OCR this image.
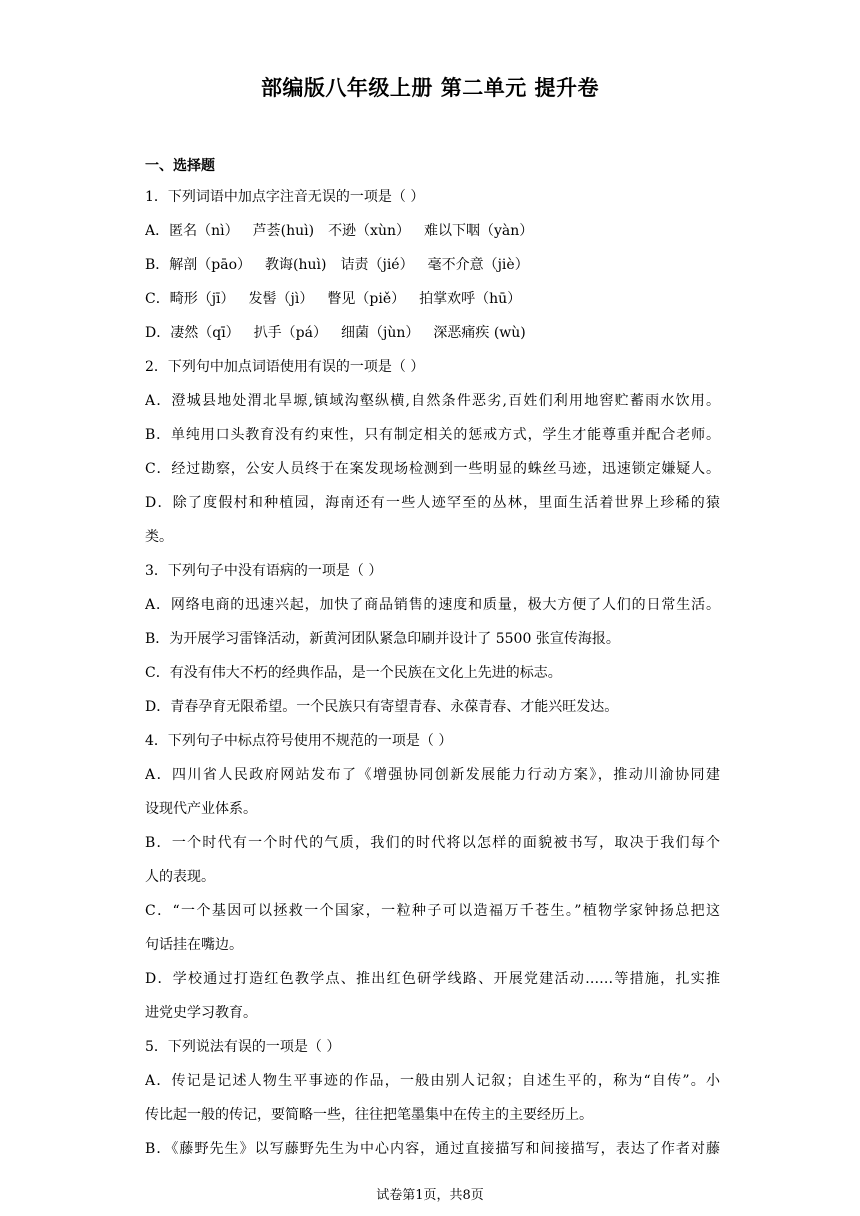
部编版八年级上册 第二单元 提升卷
一、选择题
1．下列词语中加点字注音无误的一项是（ ）
A． 匿名（nì） 芦荟(huì) 不逊（xùn） 难以下咽（yàn）
B． 解剖（pāo） 教诲(huì) 诘责（jié） 毫不介意（jiè）
C． 畸形（jī） 发髻（jì） 瞥见（piě） 拍掌欢呼（hū）
D． 凄然（qī） 扒手（pá） 细菌（jùn） 深恶痛疾 (wù)
2．下列句中加点词语使用有误的一项是（ ）
A．澄城县地处渭北旱塬,镇域沟壑纵横,自然条件恶劣,百姓们利用地窖贮蓄雨水饮用。
B．单纯用口头教育没有约束性，只有制定相关的惩戒方式，学生才能尊重并配合老师。
C．经过勘察，公安人员终于在案发现场检测到一些明显的蛛丝马迹，迅速锁定嫌疑人。
D．除了度假村和种植园，海南还有一些人迹罕至的丛林，里面生活着世界上珍稀的猿
类。
3．下列句子中没有语病的一项是（ ）
A．网络电商的迅速兴起，加快了商品销售的速度和质量，极大方便了人们的日常生活。
B．为开展学习雷锋活动，新黄河团队紧急印刷并设计了 5500 张宣传海报。
C．有没有伟大不朽的经典作品，是一个民族在文化上先进的标志。
D．青春孕育无限希望。一个民族只有寄望青春、永葆青春、才能兴旺发达。
4．下列句子中标点符号使用不规范的一项是（ ）
A．四川省人民政府网站发布了《增强协同创新发展能力行动方案》，推动川渝协同建
设现代产业体系。
B．一个时代有一个时代的气质，我们的时代将以怎样的面貌被书写，取决于我们每个
人的表现。
C．“一个基因可以拯救一个国家，一粒种子可以造福万千苍生。”植物学家钟扬总把这
句话挂在嘴边。
D．学校通过打造红色教学点、推出红色研学线路、开展党建活动……等措施，扎实推
进党史学习教育。
5．下列说法有误的一项是（ ）
A．传记是记述人物生平事迹的作品，一般由别人记叙；自述生平的，称为“自传”。小
传比起一般的传记，要简略一些，往往把笔墨集中在传主的主要经历上。
B．《藤野先生》以写藤野先生为中心内容，通过直接描写和间接描写，表达了作者对藤
试卷第1页，共8页
